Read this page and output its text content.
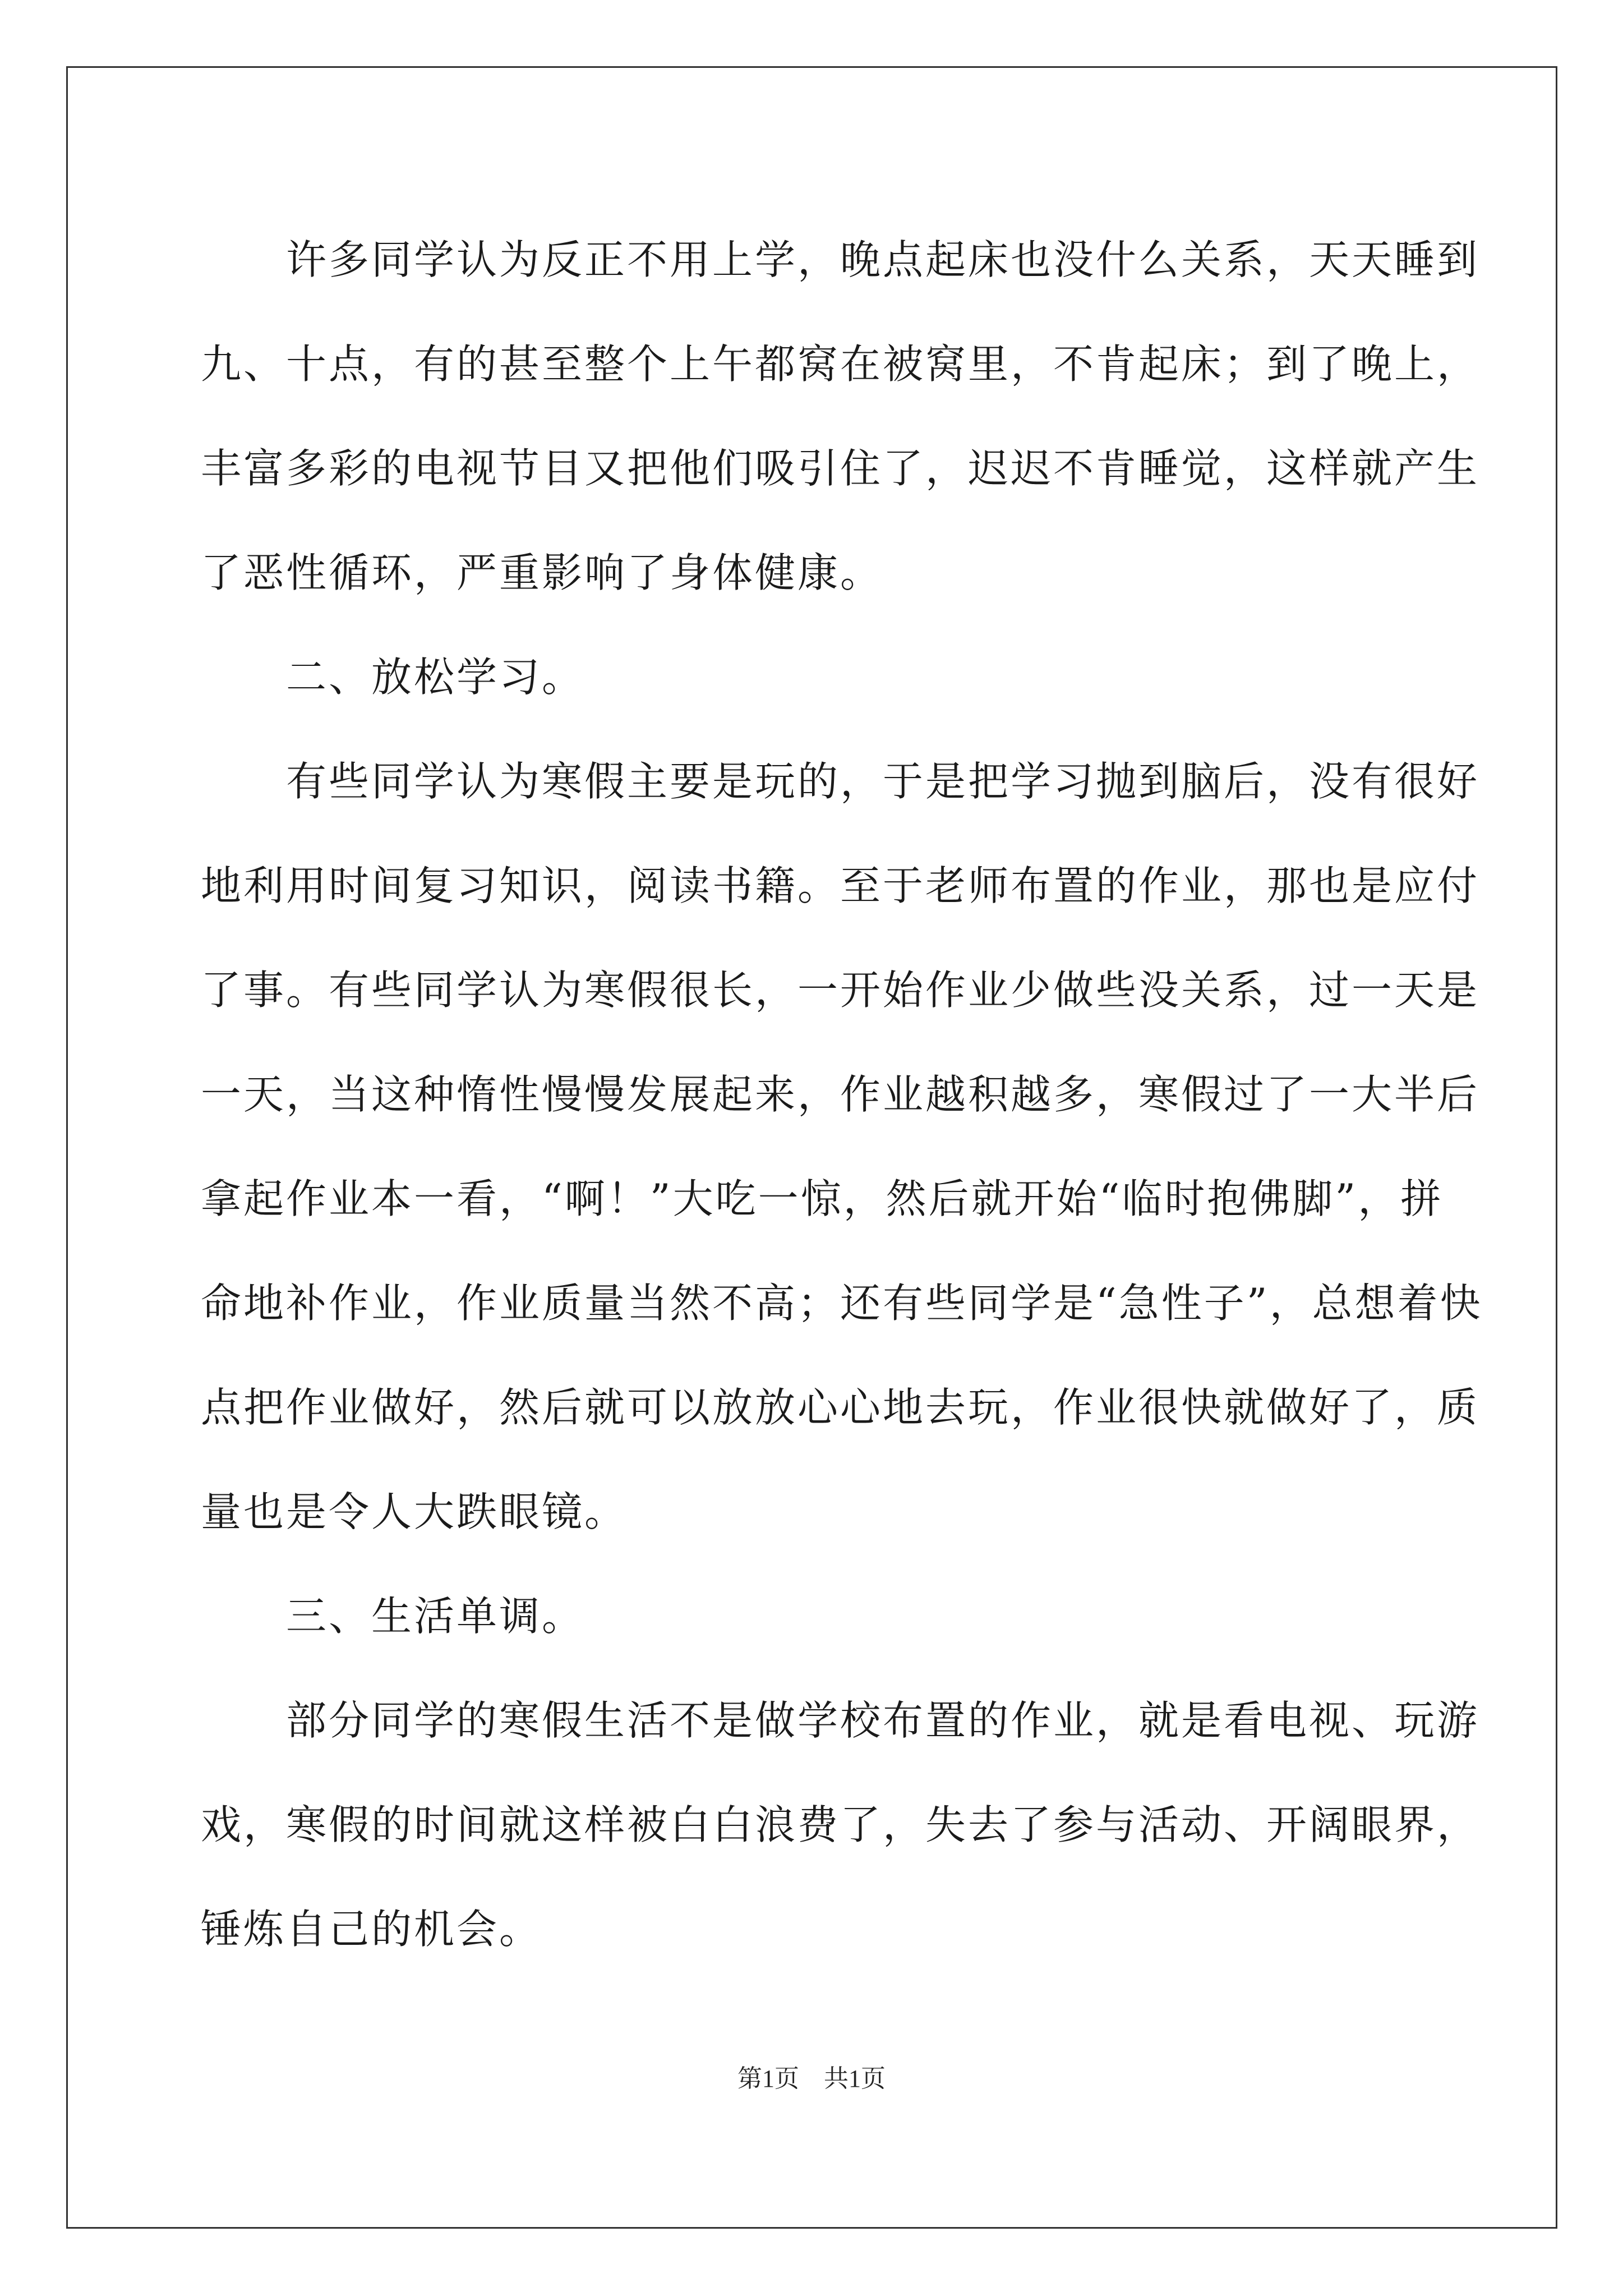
　　许多同学认为反正不用上学，晚点起床也没什么关系，天天睡到
九、十点，有的甚至整个上午都窝在被窝里，不肯起床；到了晚上，
丰富多彩的电视节目又把他们吸引住了，迟迟不肯睡觉，这样就产生
了恶性循环，严重影响了身体健康。
　　二、放松学习。
　　有些同学认为寒假主要是玩的，于是把学习抛到脑后，没有很好
地利用时间复习知识，阅读书籍。至于老师布置的作业，那也是应付
了事。有些同学认为寒假很长，一开始作业少做些没关系，过一天是
一天，当这种惰性慢慢发展起来，作业越积越多，寒假过了一大半后
拿起作业本一看，“啊！”大吃一惊，然后就开始“临时抱佛脚”，拼
命地补作业，作业质量当然不高；还有些同学是“急性子”，总想着快
点把作业做好，然后就可以放放心心地去玩，作业很快就做好了，质
量也是令人大跌眼镜。
　　三、生活单调。
　　部分同学的寒假生活不是做学校布置的作业，就是看电视、玩游
戏，寒假的时间就这样被白白浪费了，失去了参与活动、开阔眼界，
锤炼自己的机会。
第1页　共1页
